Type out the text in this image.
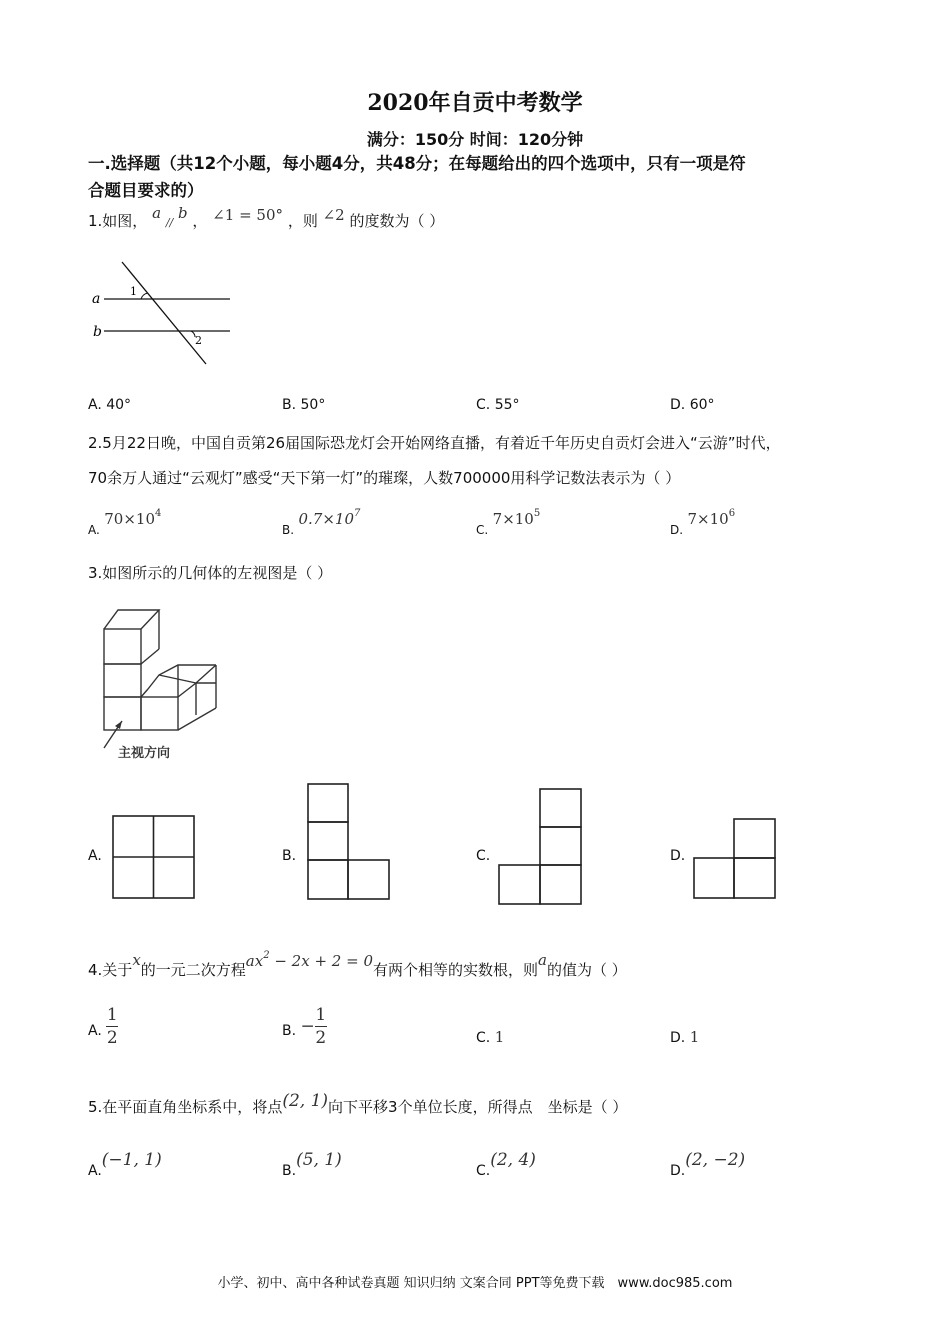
2020年自贡中考数学
满分：150分 时间：120分钟
一.选择题（共12个小题，每小题4分，共48分；在每题给出的四个选项中，只有一项是符
合题目要求的）
1.如图， a // b ， ∠1 = 50° ，则 ∠2 的度数为（ ）
a
b
1
2
A. 40°	B. 50°	C. 55°	D. 60°
2.5月22日晚，中国自贡第26届国际恐龙灯会开始网络直播，有着近千年历史自贡灯会进入“云游”时代，
70余万人通过“云观灯”感受“天下第一灯”的璀璨，人数700000用科学记数法表示为（ ）
A. $70\times 10^4$
B. $0.7\times 10^7$
C. $7\times 10^5$
D. $7\times 10^6$
3.如图所示的几何体的左视图是（ ）
主视方向
A.	B.	C.	D.
4.关于x的一元二次方程$ax^2 - 2x + 2 = 0$有两个相等的实数根，则a的值为（ ）
A. $\frac{1}{2}$	B. − $\frac{1}{2}$	C. 1	D. 1
5.在平面直角坐标系中，将点(2, 1)向下平移3个单位长度，所得点　坐标是（ ）
A.(−1, 1)
B.(5, 1)
C.(2, 4)
D.(2, −2)
小学、初中、高中各种试卷真题 知识归纳 文案合同 PPT等免费下载　www.doc985.com
